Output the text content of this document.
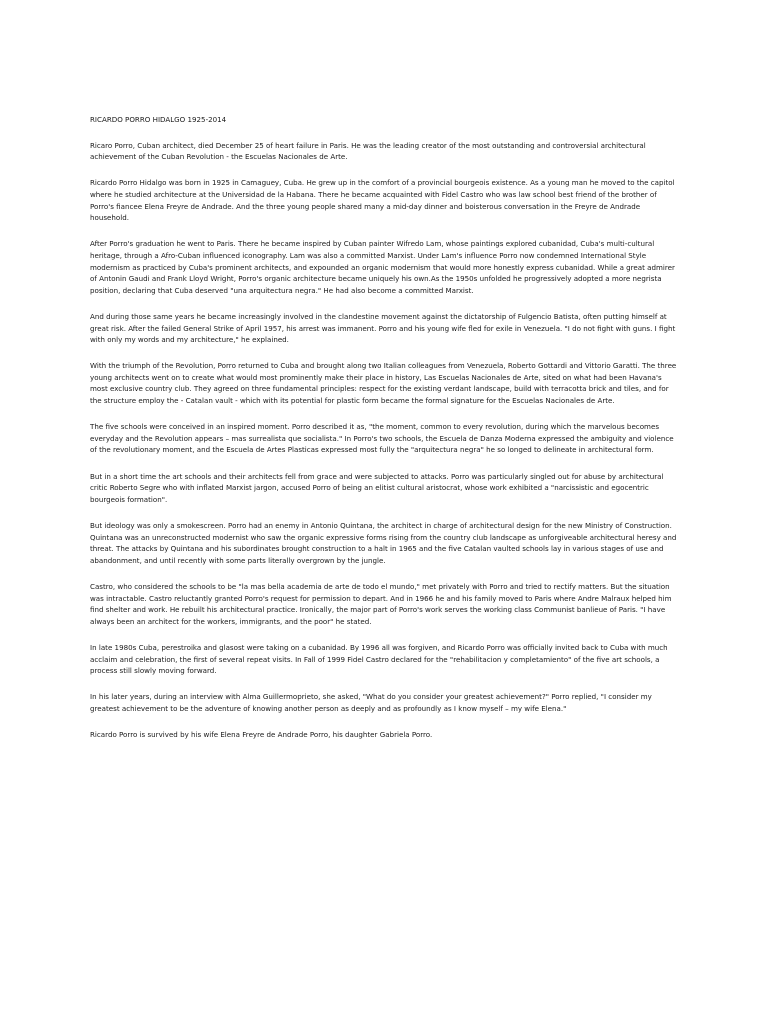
RICARDO PORRO HIDALGO 1925-2014

Ricaro Porro, Cuban architect, died December 25 of heart failure in Paris. He was the leading creator of the most outstanding and controversial architectural achievement of the Cuban Revolution - the Escuelas Nacionales de Arte.

Ricardo Porro Hidalgo was born in 1925 in Camaguey, Cuba. He grew up in the comfort of a provincial bourgeois existence. As a young man he moved to the capitol where he studied architecture at the Universidad de la Habana. There he became acquainted with Fidel Castro who was law school best friend of the brother of Porro's fiancee Elena Freyre de Andrade. And the three young people shared many a mid-day dinner and boisterous conversation in the Freyre de Andrade household.

After Porro's graduation he went to Paris. There he became inspired by Cuban painter Wifredo Lam, whose paintings explored cubanidad, Cuba's multi-cultural heritage, through a Afro-Cuban influenced iconography. Lam was also a committed Marxist. Under Lam's influence Porro now condemned International Style modernism as practiced by Cuba's prominent architects, and expounded an organic modernism that would more honestly express cubanidad. While a great admirer of Antonin Gaudi and Frank Lloyd Wright, Porro's organic architecture became uniquely his own.As the 1950s unfolded he progressively adopted a more negrista position, declaring that Cuba deserved "una arquitectura negra." He had also become a committed Marxist.

And during those same years he became increasingly involved in the clandestine movement against the dictatorship of Fulgencio Batista, often putting himself at great risk. After the failed General Strike of April 1957, his arrest was immanent. Porro and his young wife fled for exile in Venezuela. "I do not fight with guns. I fight with only my words and my architecture," he explained.

With the triumph of the Revolution, Porro returned to Cuba and brought along two Italian colleagues from Venezuela, Roberto Gottardi and Vittorio Garatti. The three young architects went on to create what would most prominently make their place in history, Las Escuelas Nacionales de Arte, sited on what had been Havana's most exclusive country club. They agreed on three fundamental principles: respect for the existing verdant landscape, build with terracotta brick and tiles, and for the structure employ the - Catalan vault - which with its potential for plastic form became the formal signature for the Escuelas Nacionales de Arte.

The five schools were conceived in an inspired moment. Porro described it as, "the moment, common to every revolution, during which the marvelous becomes everyday and the Revolution appears – mas surrealista que socialista." In Porro's two schools, the Escuela de Danza Moderna expressed the ambiguity and violence of the revolutionary moment, and the Escuela de Artes Plasticas expressed most fully the "arquitectura negra" he so longed to delineate in architectural form.

But in a short time the art schools and their architects fell from grace and were subjected to attacks. Porro was particularly singled out for abuse by architectural critic Roberto Segre who with inflated Marxist jargon, accused Porro of being an elitist cultural aristocrat, whose work exhibited a "narcissistic and egocentric bourgeois formation".

But ideology was only a smokescreen. Porro had an enemy in Antonio Quintana, the architect in charge of architectural design for the new Ministry of Construction. Quintana was an unreconstructed modernist who saw the organic expressive forms rising from the country club landscape as unforgiveable architectural heresy and threat. The attacks by Quintana and his subordinates brought construction to a halt in 1965 and the five Catalan vaulted schools lay in various stages of use and abandonment, and until recently with some parts literally overgrown by the jungle.

Castro, who considered the schools to be "la mas bella academia de arte de todo el mundo," met privately with Porro and tried to rectify matters. But the situation was intractable. Castro reluctantly granted Porro's request for permission to depart. And in 1966 he and his family moved to Paris where Andre Malraux helped him find shelter and work. He rebuilt his architectural practice. Ironically, the major part of Porro's work serves the working class Communist banlieue of Paris. "I have always been an architect for the workers, immigrants, and the poor" he stated.

In late 1980s Cuba, perestroika and glasost were taking on a cubanidad. By 1996 all was forgiven, and Ricardo Porro was officially invited back to Cuba with much acclaim and celebration, the first of several repeat visits. In Fall of 1999 Fidel Castro declared for the "rehabilitacion y completamiento" of the five art schools, a process still slowly moving forward.

In his later years, during an interview with Alma Guillermoprieto, she asked, "What do you consider your greatest achievement?" Porro replied, "I consider my greatest achievement to be the adventure of knowing another person as deeply and as profoundly as I know myself – my wife Elena."

Ricardo Porro is survived by his wife Elena Freyre de Andrade Porro, his daughter Gabriela Porro.
